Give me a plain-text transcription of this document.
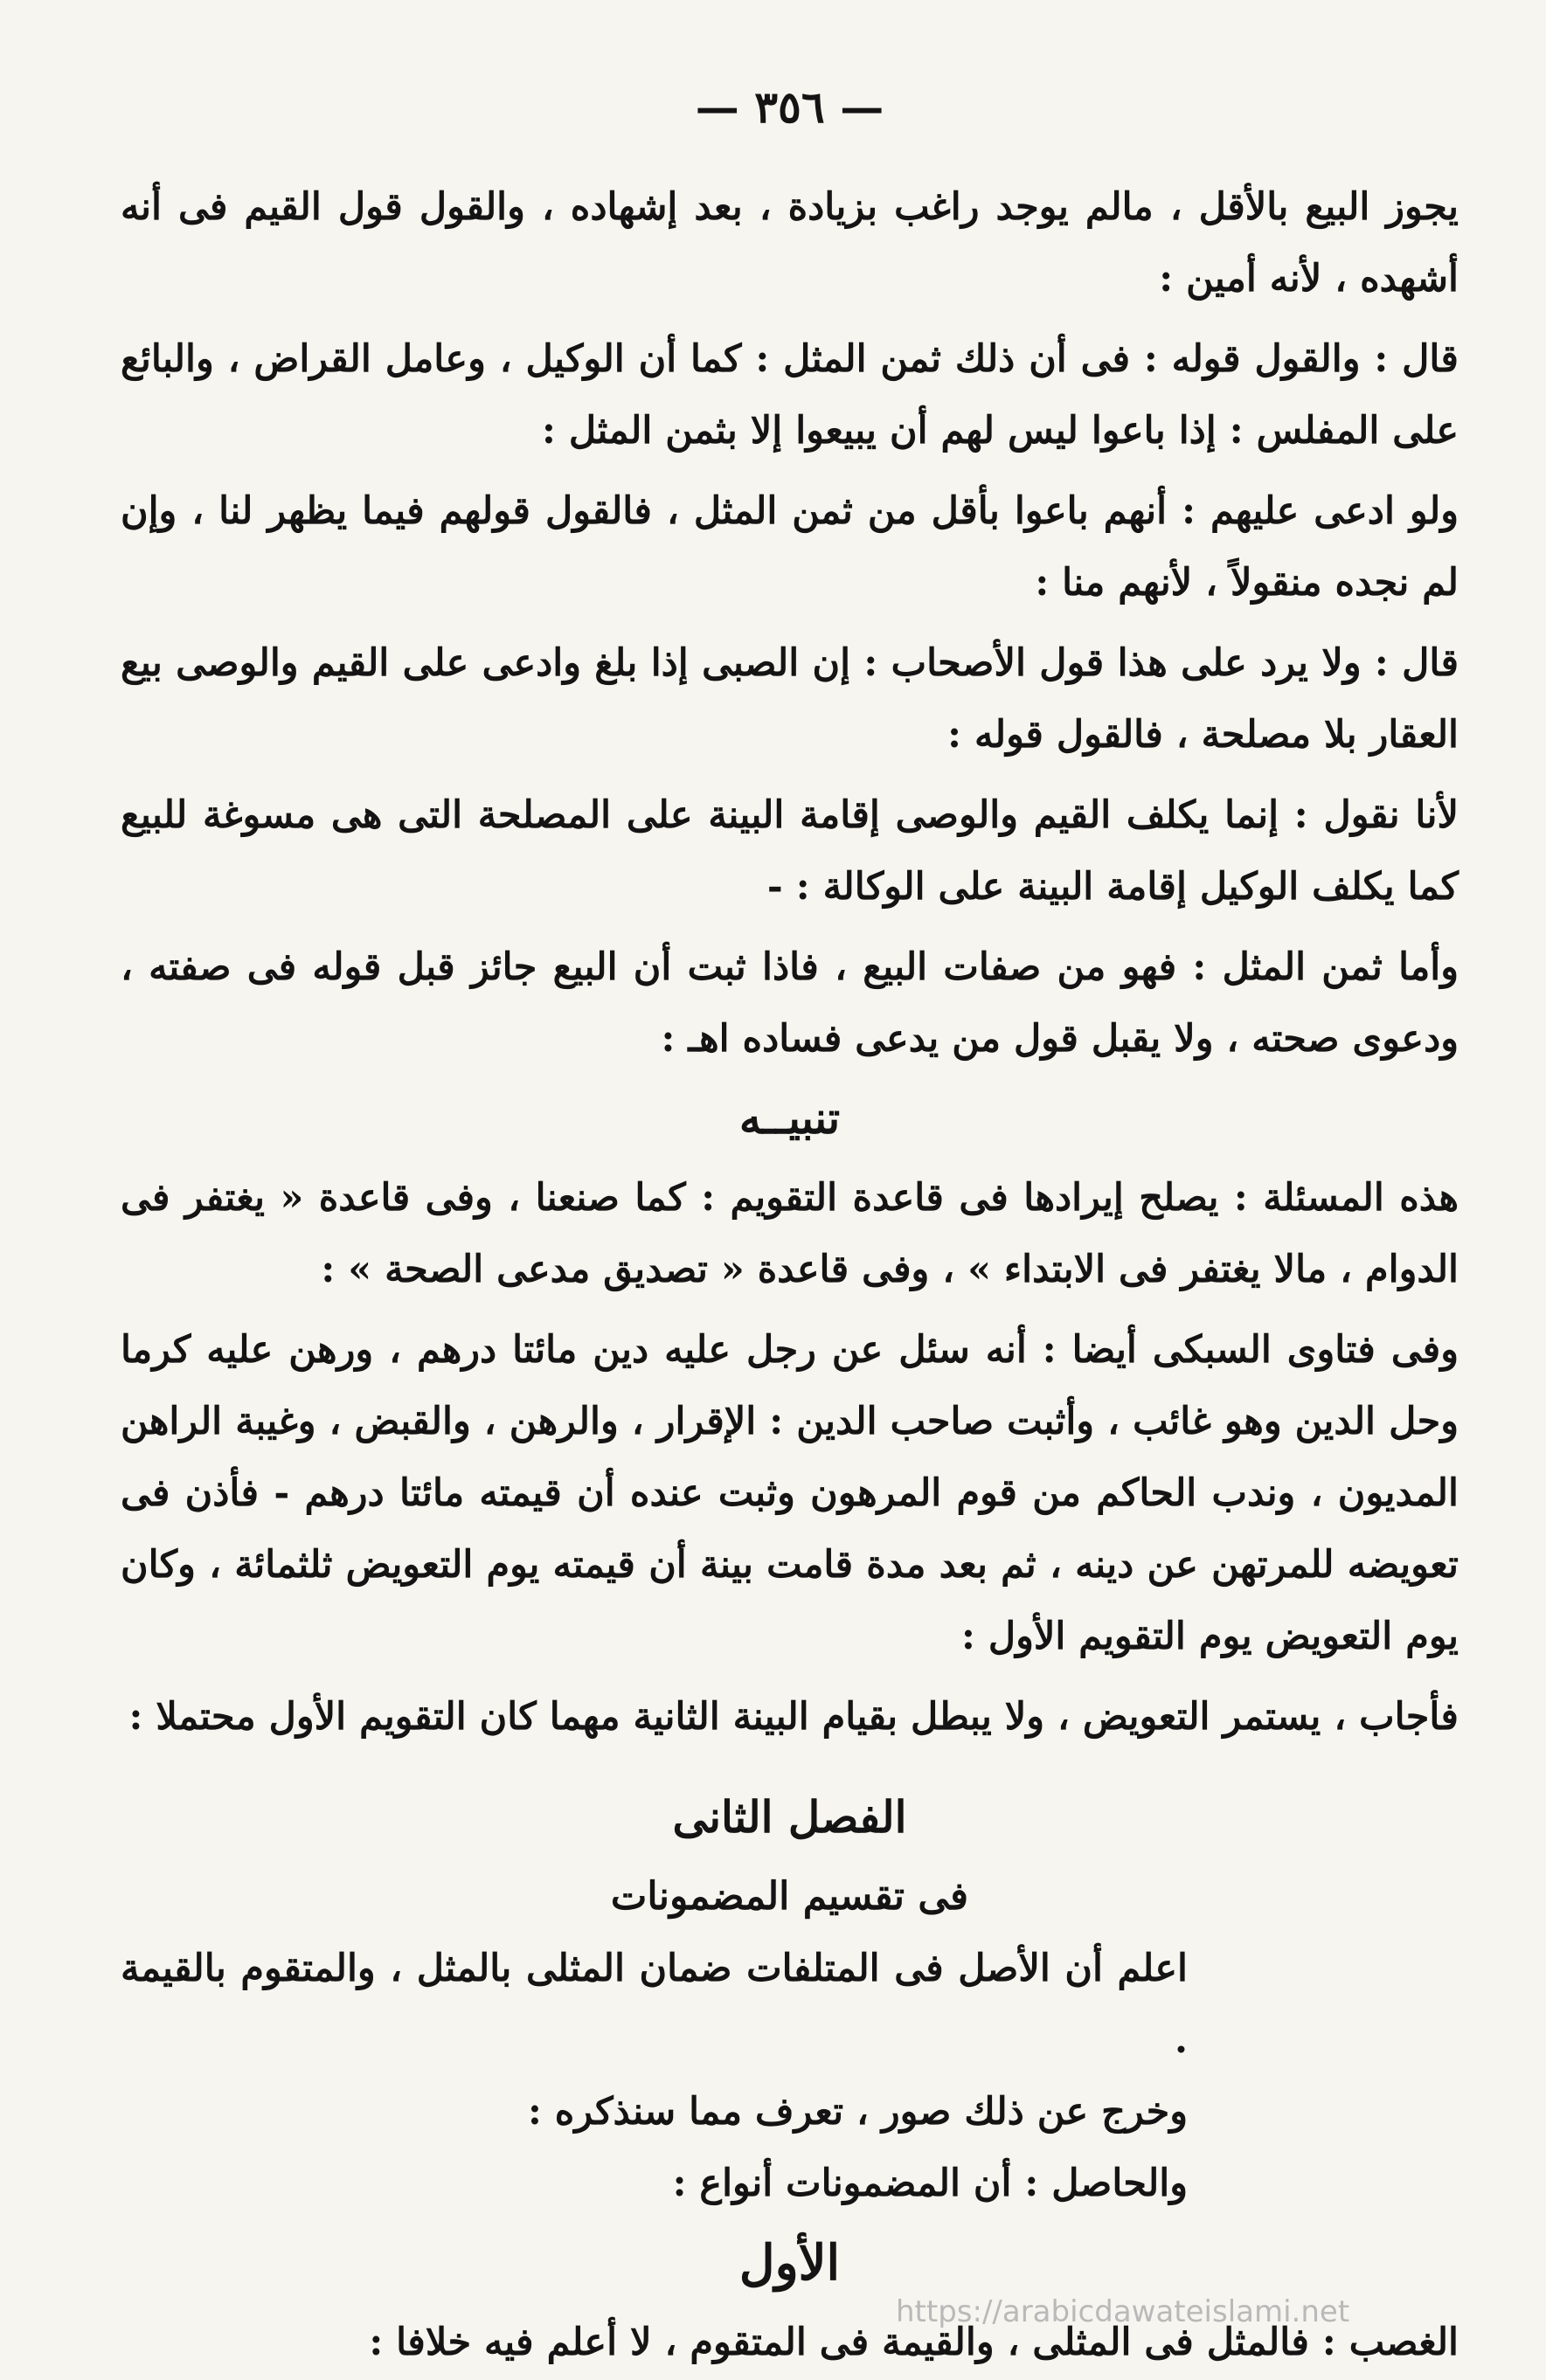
— ٣٥٦ —

يجوز البيع بالأقل ، مالم يوجد راغب بزيادة ، بعد إشهاده ، والقول قول القيم فى أنه أشهده ، لأنه أمين :

قال : والقول قوله : فى أن ذلك ثمن المثل : كما أن الوكيل ، وعامل القراض ، والبائع على المفلس : إذا باعوا ليس لهم أن يبيعوا إلا بثمن المثل :

ولو ادعى عليهم : أنهم باعوا بأقل من ثمن المثل ، فالقول قولهم فيما يظهر لنا ، وإن لم نجده منقولاً ، لأنهم منا :

قال : ولا يرد على هذا قول الأصحاب : إن الصبى إذا بلغ وادعى على القيم والوصى بيع العقار بلا مصلحة ، فالقول قوله :

لأنا نقول : إنما يكلف القيم والوصى إقامة البينة على المصلحة التى هى مسوغة للبيع كما يكلف الوكيل إقامة البينة على الوكالة : -

وأما ثمن المثل : فهو من صفات البيع ، فاذا ثبت أن البيع جائز قبل قوله فى صفته ، ودعوى صحته ، ولا يقبل قول من يدعى فساده اهـ :

تنبيــه

هذه المسئلة : يصلح إيرادها فى قاعدة التقويم : كما صنعنا ، وفى قاعدة « يغتفر فى الدوام ، مالا يغتفر فى الابتداء » ، وفى قاعدة « تصديق مدعى الصحة » :

وفى فتاوى السبكى أيضا : أنه سئل عن رجل عليه دين مائتا درهم ، ورهن عليه كرما وحل الدين وهو غائب ، وأثبت صاحب الدين : الإقرار ، والرهن ، والقبض ، وغيبة الراهن المديون ، وندب الحاكم من قوم المرهون وثبت عنده أن قيمته مائتا درهم - فأذن فى تعويضه للمرتهن عن دينه ، ثم بعد مدة قامت بينة أن قيمته يوم التعويض ثلثمائة ، وكان يوم التعويض يوم التقويم الأول :

فأجاب ، يستمر التعويض ، ولا يبطل بقيام البينة الثانية مهما كان التقويم الأول محتملا :

الفصل الثانى
فى تقسيم المضمونات

اعلم أن الأصل فى المتلفات ضمان المثلى بالمثل ، والمتقوم بالقيمة .

وخرج عن ذلك صور ، تعرف مما سنذكره :

والحاصل : أن المضمونات أنواع :

الأول

الغصب : فالمثل فى المثلى ، والقيمة فى المتقوم ، لا أعلم فيه خلافا :

https://arabicdawateislami.net
